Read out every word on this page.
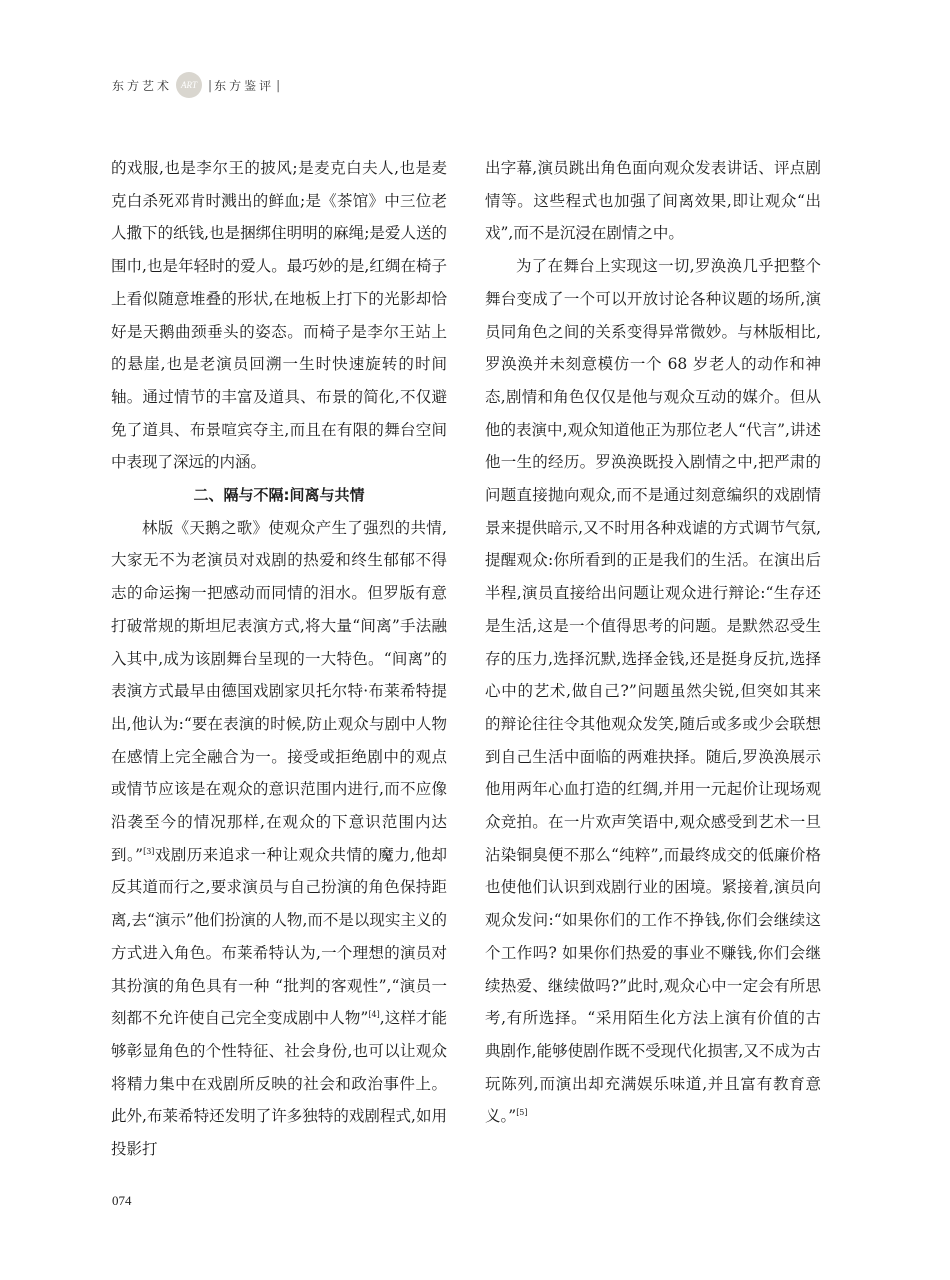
东方艺术 ART | 东方鉴评 |

的戏服,也是李尔王的披风;是麦克白夫人,也是麦克白杀死邓肯时溅出的鲜血;是《茶馆》中三位老人撒下的纸钱,也是捆绑住明明的麻绳;是爱人送的围巾,也是年轻时的爱人。最巧妙的是,红绸在椅子上看似随意堆叠的形状,在地板上打下的光影却恰好是天鹅曲颈垂头的姿态。而椅子是李尔王站上的悬崖,也是老演员回溯一生时快速旋转的时间轴。通过情节的丰富及道具、布景的简化,不仅避免了道具、布景喧宾夺主,而且在有限的舞台空间中表现了深远的内涵。

二、隔与不隔:间离与共情

林版《天鹅之歌》使观众产生了强烈的共情,大家无不为老演员对戏剧的热爱和终生郁郁不得志的命运掬一把感动而同情的泪水。但罗版有意打破常规的斯坦尼表演方式,将大量“间离”手法融入其中,成为该剧舞台呈现的一大特色。“间离”的表演方式最早由德国戏剧家贝托尔特·布莱希特提出,他认为:“要在表演的时候,防止观众与剧中人物在感情上完全融合为一。接受或拒绝剧中的观点或情节应该是在观众的意识范围内进行,而不应像沿袭至今的情况那样,在观众的下意识范围内达到。”[3]戏剧历来追求一种让观众共情的魔力,他却反其道而行之,要求演员与自己扮演的角色保持距离,去“演示”他们扮演的人物,而不是以现实主义的方式进入角色。布莱希特认为,一个理想的演员对其扮演的角色具有一种 “批判的客观性”,“演员一刻都不允许使自己完全变成剧中人物”[4],这样才能够彰显角色的个性特征、社会身份,也可以让观众将精力集中在戏剧所反映的社会和政治事件上。此外,布莱希特还发明了许多独特的戏剧程式,如用投影打

出字幕,演员跳出角色面向观众发表讲话、评点剧情等。这些程式也加强了间离效果,即让观众“出戏”,而不是沉浸在剧情之中。

为了在舞台上实现这一切,罗涣涣几乎把整个舞台变成了一个可以开放讨论各种议题的场所,演员同角色之间的关系变得异常微妙。与林版相比,罗涣涣并未刻意模仿一个 68 岁老人的动作和神态,剧情和角色仅仅是他与观众互动的媒介。但从他的表演中,观众知道他正为那位老人“代言”,讲述他一生的经历。罗涣涣既投入剧情之中,把严肃的问题直接抛向观众,而不是通过刻意编织的戏剧情景来提供暗示,又不时用各种戏谑的方式调节气氛,提醒观众:你所看到的正是我们的生活。在演出后半程,演员直接给出问题让观众进行辩论:“生存还是生活,这是一个值得思考的问题。是默然忍受生存的压力,选择沉默,选择金钱,还是挺身反抗,选择心中的艺术,做自己?”问题虽然尖锐,但突如其来的辩论往往令其他观众发笑,随后或多或少会联想到自己生活中面临的两难抉择。随后,罗涣涣展示他用两年心血打造的红绸,并用一元起价让现场观众竞拍。在一片欢声笑语中,观众感受到艺术一旦沾染铜臭便不那么“纯粹”,而最终成交的低廉价格也使他们认识到戏剧行业的困境。紧接着,演员向观众发问:“如果你们的工作不挣钱,你们会继续这个工作吗? 如果你们热爱的事业不赚钱,你们会继续热爱、继续做吗?”此时,观众心中一定会有所思考,有所选择。“采用陌生化方法上演有价值的古典剧作,能够使剧作既不受现代化损害,又不成为古玩陈列,而演出却充满娱乐味道,并且富有教育意义。”[5]

074
